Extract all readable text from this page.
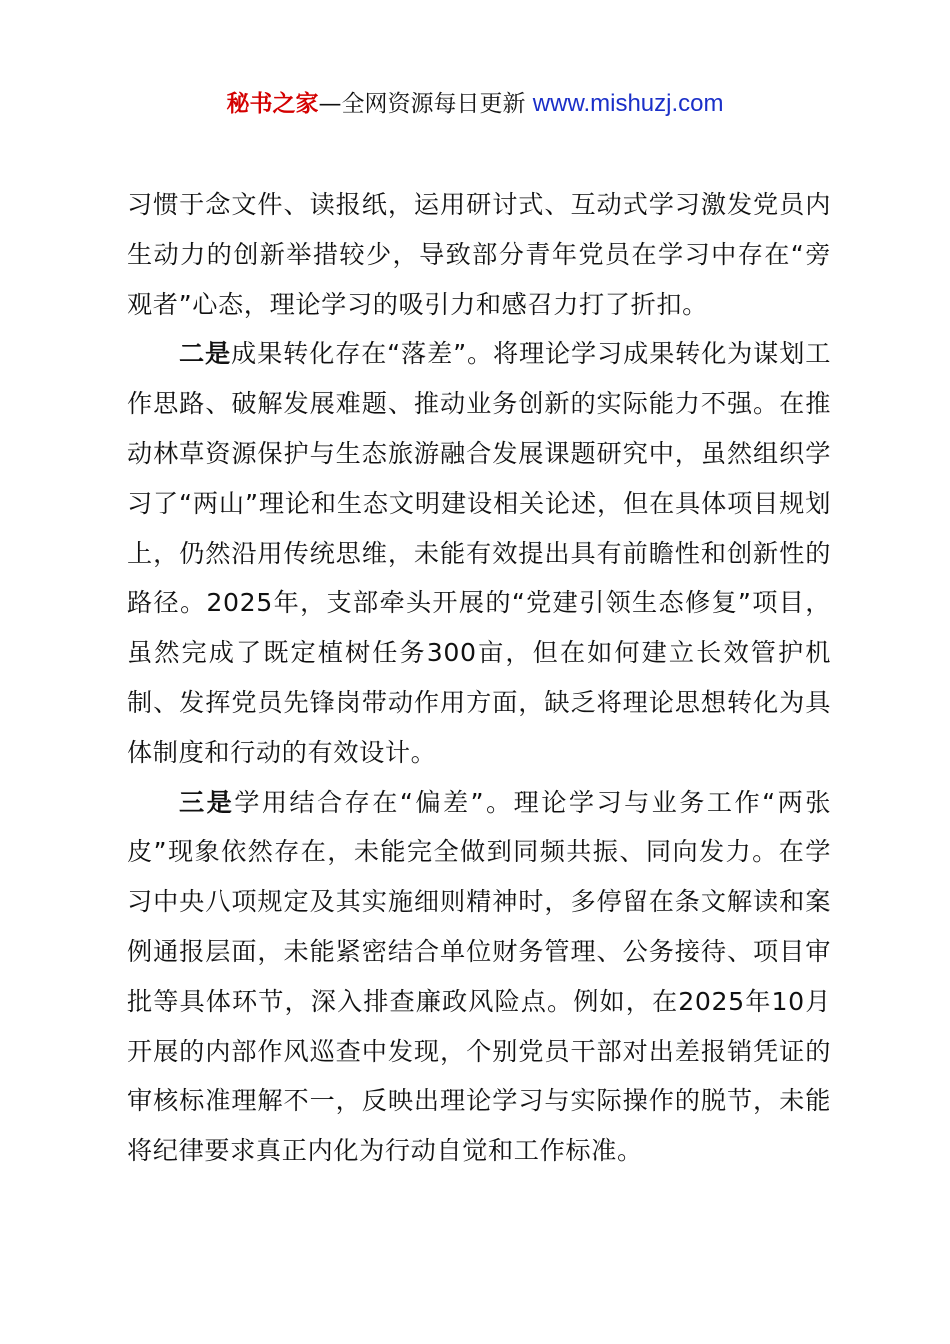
秘书之家—全网资源每日更新 www.mishuzj.com

习惯于念文件、读报纸，运用研讨式、互动式学习激发党员内生动力的创新举措较少，导致部分青年党员在学习中存在“旁观者”心态，理论学习的吸引力和感召力打了折扣。

二是成果转化存在“落差”。将理论学习成果转化为谋划工作思路、破解发展难题、推动业务创新的实际能力不强。在推动林草资源保护与生态旅游融合发展课题研究中，虽然组织学习了“两山”理论和生态文明建设相关论述，但在具体项目规划上，仍然沿用传统思维，未能有效提出具有前瞻性和创新性的路径。2025年，支部牵头开展的“党建引领生态修复”项目，虽然完成了既定植树任务300亩，但在如何建立长效管护机制、发挥党员先锋岗带动作用方面，缺乏将理论思想转化为具体制度和行动的有效设计。

三是学用结合存在“偏差”。理论学习与业务工作“两张皮”现象依然存在，未能完全做到同频共振、同向发力。在学习中央八项规定及其实施细则精神时，多停留在条文解读和案例通报层面，未能紧密结合单位财务管理、公务接待、项目审批等具体环节，深入排查廉政风险点。例如，在2025年10月开展的内部作风巡查中发现，个别党员干部对出差报销凭证的审核标准理解不一，反映出理论学习与实际操作的脱节，未能将纪律要求真正内化为行动自觉和工作标准。
